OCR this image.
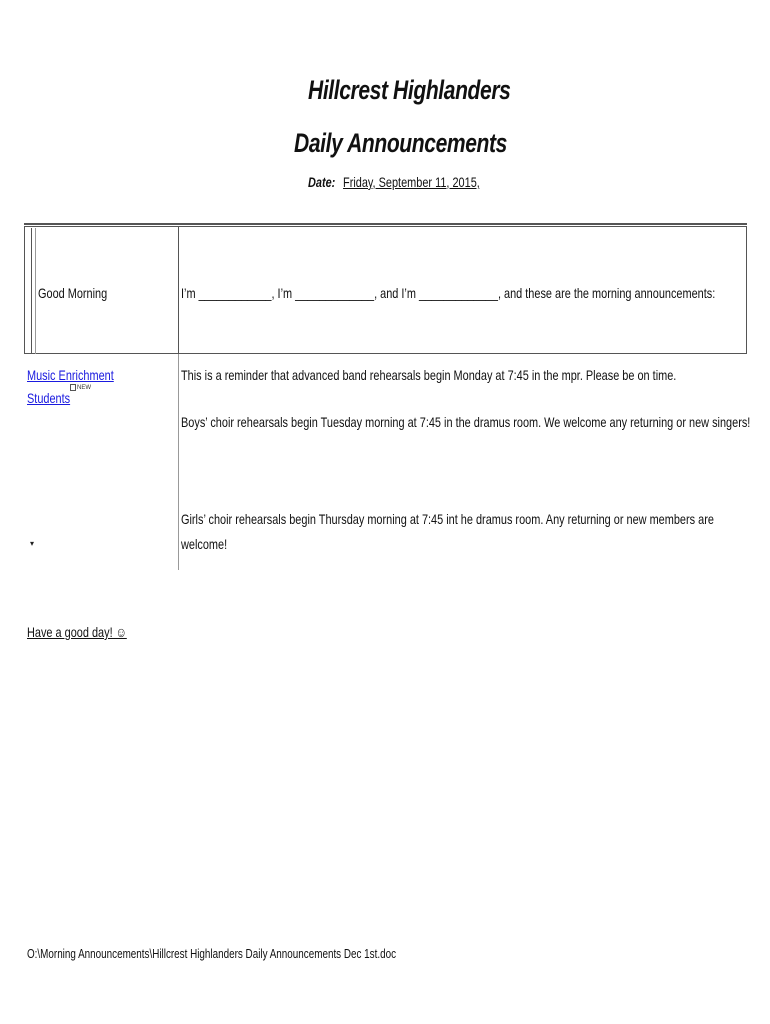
Hillcrest Highlanders
Daily Announcements
Date: Friday, September 11, 2015,
Good Morning	I’m ____________, I’m _____________, and I’m _____________, and these are the morning announcements:
Music Enrichment
Students
NEW
▾
This is a reminder that advanced band rehearsals begin Monday at 7:45 in the mpr. Please be on time.
Boys’ choir rehearsals begin Tuesday morning at 7:45 in the dramus room. We welcome any returning or new singers!
Girls’ choir rehearsals begin Thursday morning at 7:45 int he dramus room. Any returning or new members are
welcome!
Have a good day! ☺
O:\Morning Announcements\Hillcrest Highlanders Daily Announcements Dec 1st.doc
